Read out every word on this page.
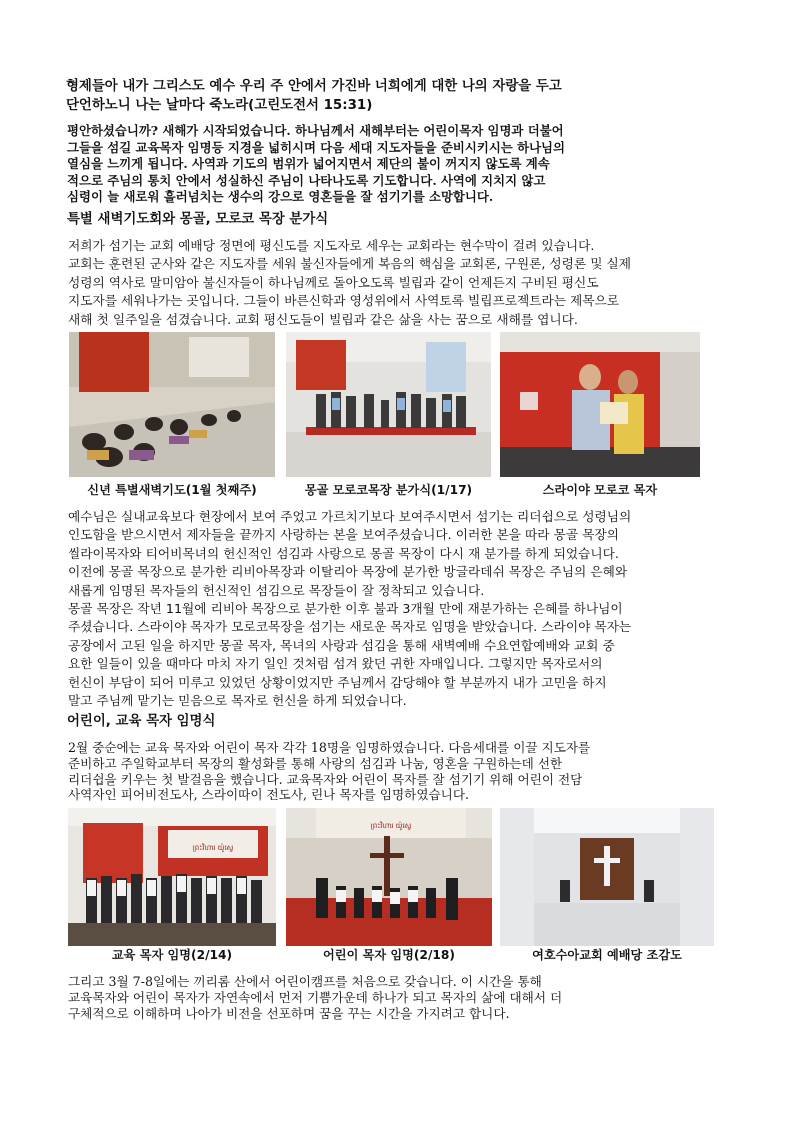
형제들아 내가 그리스도 예수 우리 주 안에서 가진바 너희에게 대한 나의 자랑을 두고
단언하노니 나는 날마다 죽노라(고린도전서 15:31)
평안하셨습니까? 새해가 시작되었습니다. 하나님께서 새해부터는 어린이목자 임명과 더불어
그들을 섬길 교육목자 임명등 지경을 넓히시며 다음 세대 지도자들을 준비시키시는 하나님의
열심을 느끼게 됩니다. 사역과 기도의 범위가 넓어지면서 제단의 불이 꺼지지 않도록 계속
적으로 주님의 통치 안에서 성실하신 주님이 나타나도록 기도합니다. 사역에 지치지 않고
심령이 늘 새로워 흘러넘치는 생수의 강으로 영혼들을 잘 섬기기를 소망합니다.
특별 새벽기도회와 몽골, 모로코 목장 분가식
저희가 섬기는 교회 예배당 정면에 평신도를 지도자로 세우는 교회라는 현수막이 걸려 있습니다.
교회는 훈련된 군사와 같은 지도자를 세워 불신자들에게 복음의 핵심을 교회론, 구원론, 성령론 및 실제
성령의 역사로 말미암아 불신자들이 하나님께로 돌아오도록 빌립과 같이 언제든지 구비된 평신도
지도자를 세워나가는 곳입니다. 그들이 바른신학과 영성위에서 사역토록 빌립프로젝트라는 제목으로
새해 첫 일주일을 섬겼습니다. 교회 평신도들이 빌립과 같은 삶을 사는 꿈으로 새해를 엽니다.
신년 특별새벽기도(1월 첫째주)	몽골 모로코목장 분가식(1/17)	스라이야 모로코 목자
예수님은 실내교육보다 현장에서 보여 주었고 가르치기보다 보여주시면서 섬기는 리더쉽으로 성령님의
인도함을 받으시면서 제자들을 끝까지 사랑하는 본을 보여주셨습니다. 이러한 본을 따라 몽골 목장의
씰라이목자와 티어비목녀의 헌신적인 섬김과 사랑으로 몽골 목장이 다시 재 분가를 하게 되었습니다.
이전에 몽골 목장으로 분가한 리비아목장과 이탈리아 목장에 분가한 방글라데쉬 목장은 주님의 은혜와
새롭게 임명된 목자들의 헌신적인 섬김으로 목장들이 잘 정착되고 있습니다.
몽골 목장은 작년 11월에 리비아 목장으로 분가한 이후 불과 3개월 만에 재분가하는 은혜를 하나님이
주셨습니다. 스라이야 목자가 모로코목장을 섬기는 새로운 목자로 임명을 받았습니다. 스라이야 목자는
공장에서 고된 일을 하지만 몽골 목자, 목녀의 사랑과 섬김을 통해 새벽예배 수요연합예배와 교회 중
요한 일들이 있을 때마다 마치 자기 일인 것처럼 섬겨 왔던 귀한 자매입니다. 그렇지만 목자로서의
헌신이 부담이 되어 미루고 있었던 상황이었지만 주님께서 감당해야 할 부분까지 내가 고민을 하지
말고 주님께 맡기는 믿음으로 목자로 헌신을 하게 되었습니다.
어린이, 교육 목자 임명식
2월 중순에는 교육 목자와 어린이 목자 각각 18명을 임명하였습니다. 다음세대를 이끌 지도자를
준비하고 주일학교부터 목장의 활성화를 통해 사랑의 섬김과 나눔, 영혼을 구원하는데 선한
리더쉽을 키우는 첫 발걸음을 했습니다. 교육목자와 어린이 목자를 잘 섬기기 위해 어린이 전담
사역자인 피어비전도사, 스라이따이 전도사, 린나 목자를 임명하였습니다.
ព្រះវិហារ យ៉ូស្វេ
ព្រះវិហារ យ៉ូស្វេ
교육 목자 임명(2/14)	어린이 목자 임명(2/18)	여호수아교회 예배당 조감도
그리고 3월 7-8일에는 끼리롬 산에서 어린이캠프를 처음으로 갖습니다. 이 시간을 통해
교육목자와 어린이 목자가 자연속에서 먼저 기쁨가운데 하나가 되고 목자의 삶에 대해서 더
구체적으로 이해하며 나아가 비전을 선포하며 꿈을 꾸는 시간을 가지려고 합니다.
